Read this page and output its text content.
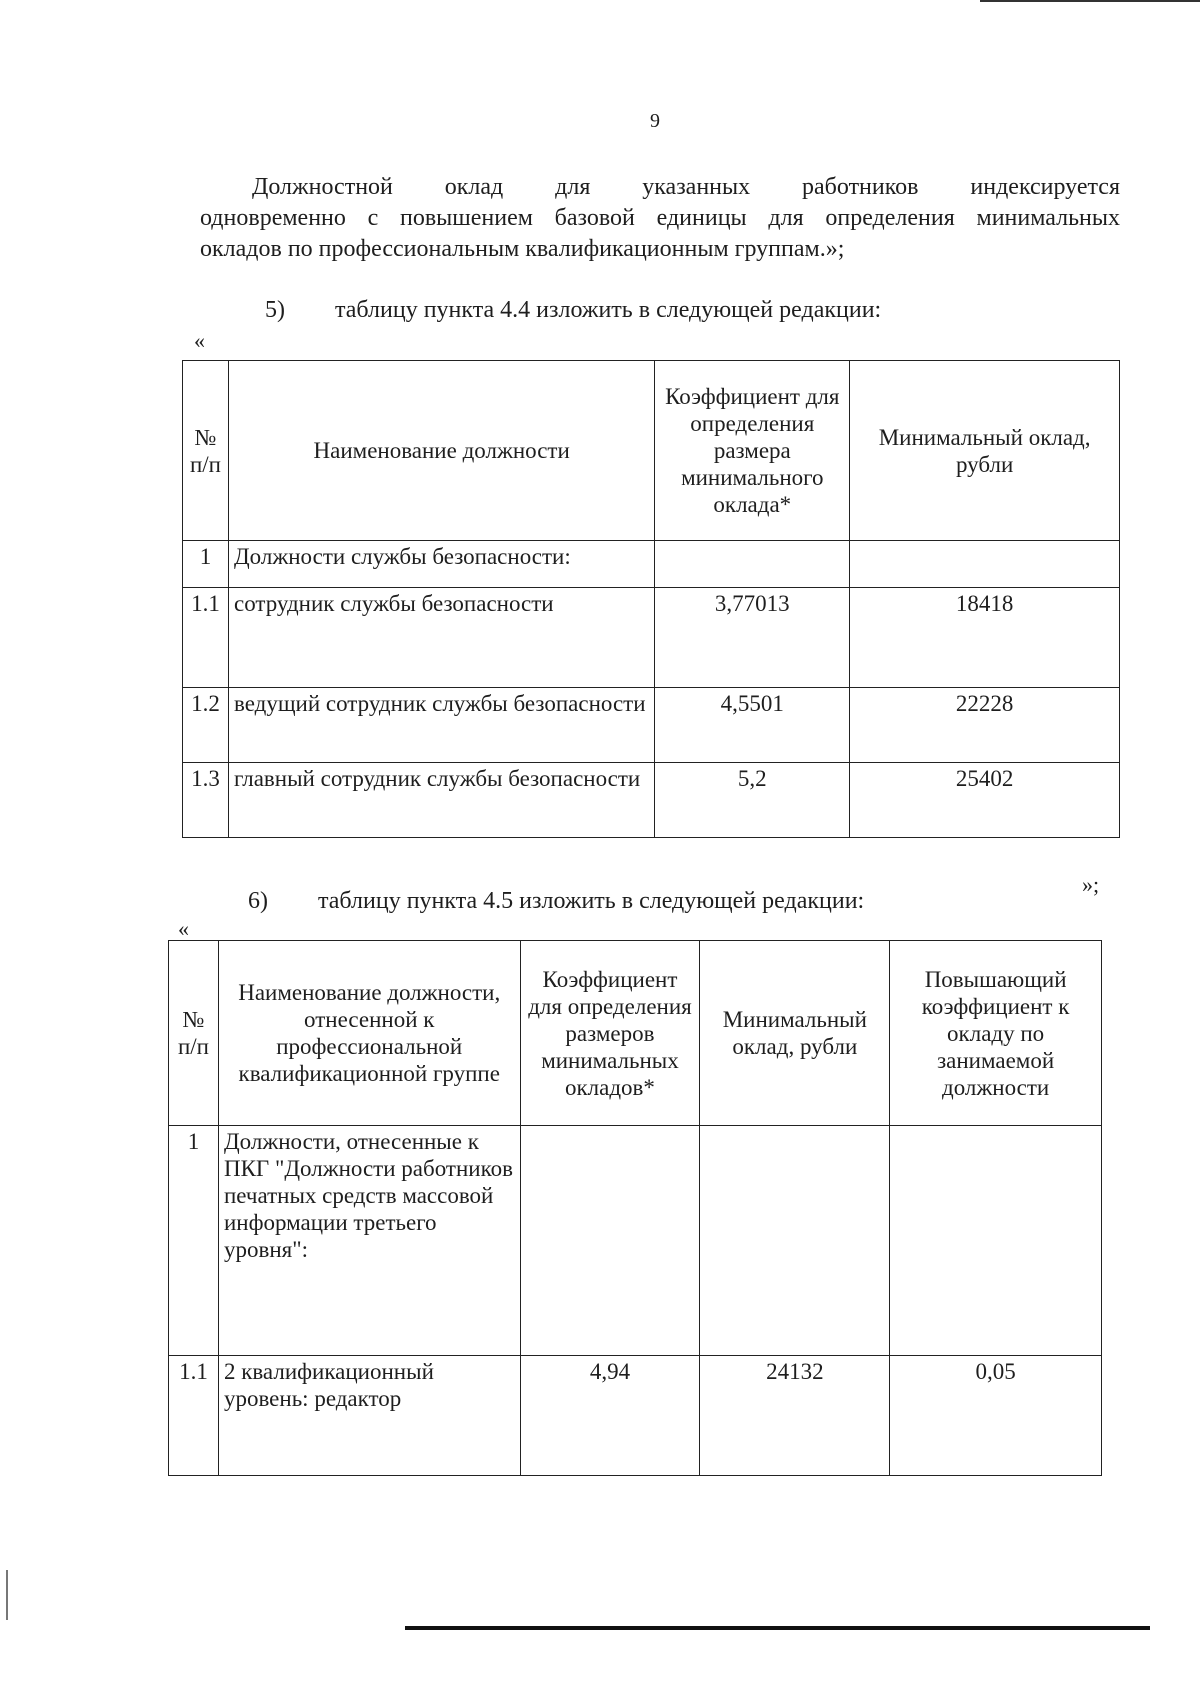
9
Должностной оклад для указанных работников индексируется
одновременно с повышением базовой единицы для определения минимальных
окладов по профессиональным квалификационным группам.»;
5) таблицу пункта 4.4 изложить в следующей редакции:
«
№ п/п	Наименование должности	Коэффициент для определения размера минимального оклада*	Минимальный оклад, рубли
1	Должности службы безопасности:		
1.1	сотрудник службы безопасности	3,77013	18418
1.2	ведущий сотрудник службы безопасности	4,5501	22228
1.3	главный сотрудник службы безопасности	5,2	25402
»;
6) таблицу пункта 4.5 изложить в следующей редакции:
«
№ п/п	Наименование должности, отнесенной к профессиональной квалификационной группе	Коэффициент для определения размеров минимальных окладов*	Минимальный оклад, рубли	Повышающий коэффициент к окладу по занимаемой должности
1	Должности, отнесенные к ПКГ "Должности работников печатных средств массовой информации третьего уровня":			
1.1	2 квалификационный уровень: редактор	4,94	24132	0,05
